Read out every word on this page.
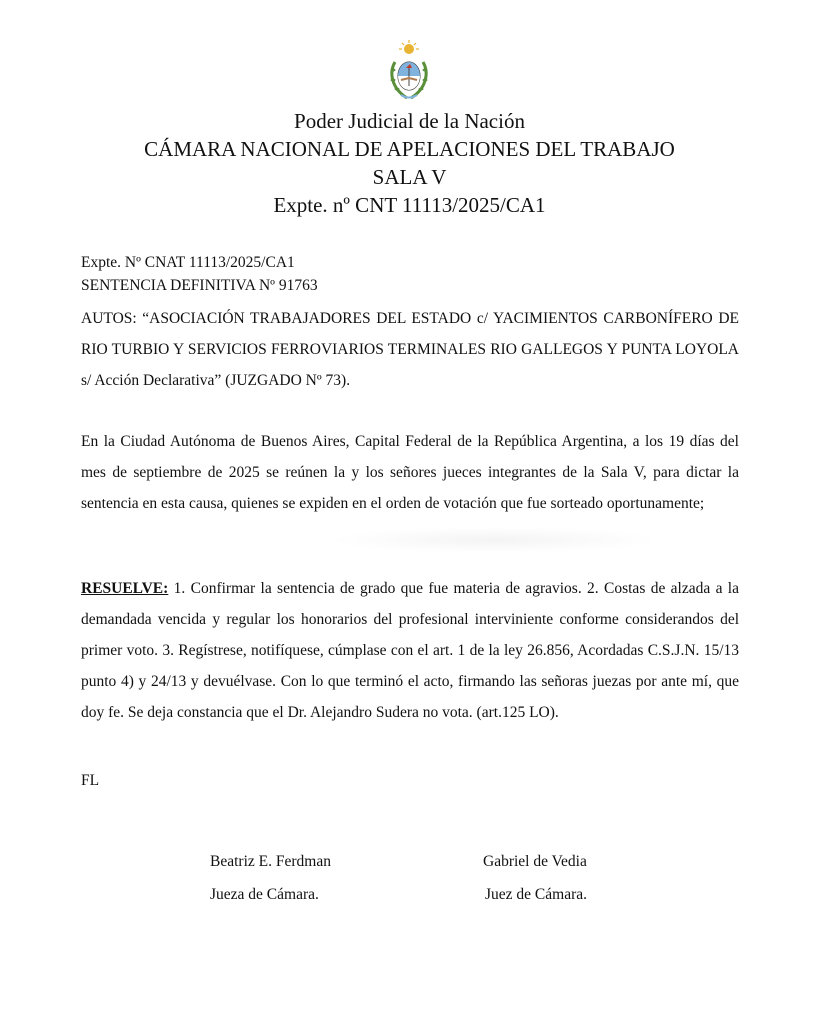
Poder Judicial de la Nación
CÁMARA NACIONAL DE APELACIONES DEL TRABAJO
SALA V
Expte. nº CNT 11113/2025/CA1
Expte. Nº CNAT 11113/2025/CA1
SENTENCIA DEFINITIVA Nº 91763
AUTOS: “ASOCIACIÓN TRABAJADORES DEL ESTADO c/ YACIMIENTOS CARBONÍFERO DE RIO TURBIO Y SERVICIOS FERROVIARIOS TERMINALES RIO GALLEGOS Y PUNTA LOYOLA s/ Acción Declarativa” (JUZGADO Nº 73).
En la Ciudad Autónoma de Buenos Aires, Capital Federal de la República Argentina, a los 19 días del mes de septiembre de 2025 se reúnen la y los señores jueces integrantes de la Sala V, para dictar la sentencia en esta causa, quienes se expiden en el orden de votación que fue sorteado oportunamente;
RESUELVE: 1. Confirmar la sentencia de grado que fue materia de agravios. 2. Costas de alzada a la demandada vencida y regular los honorarios del profesional interviniente conforme considerandos del primer voto. 3. Regístrese, notifíquese, cúmplase con el art. 1 de la ley 26.856, Acordadas C.S.J.N. 15/13 punto 4) y 24/13 y devuélvase. Con lo que terminó el acto, firmando las señoras juezas por ante mí, que doy fe. Se deja constancia que el Dr. Alejandro Sudera no vota. (art.125 LO).
FL
Beatriz E. Ferdman
Jueza de Cámara.
Gabriel de Vedia
Juez de Cámara.
